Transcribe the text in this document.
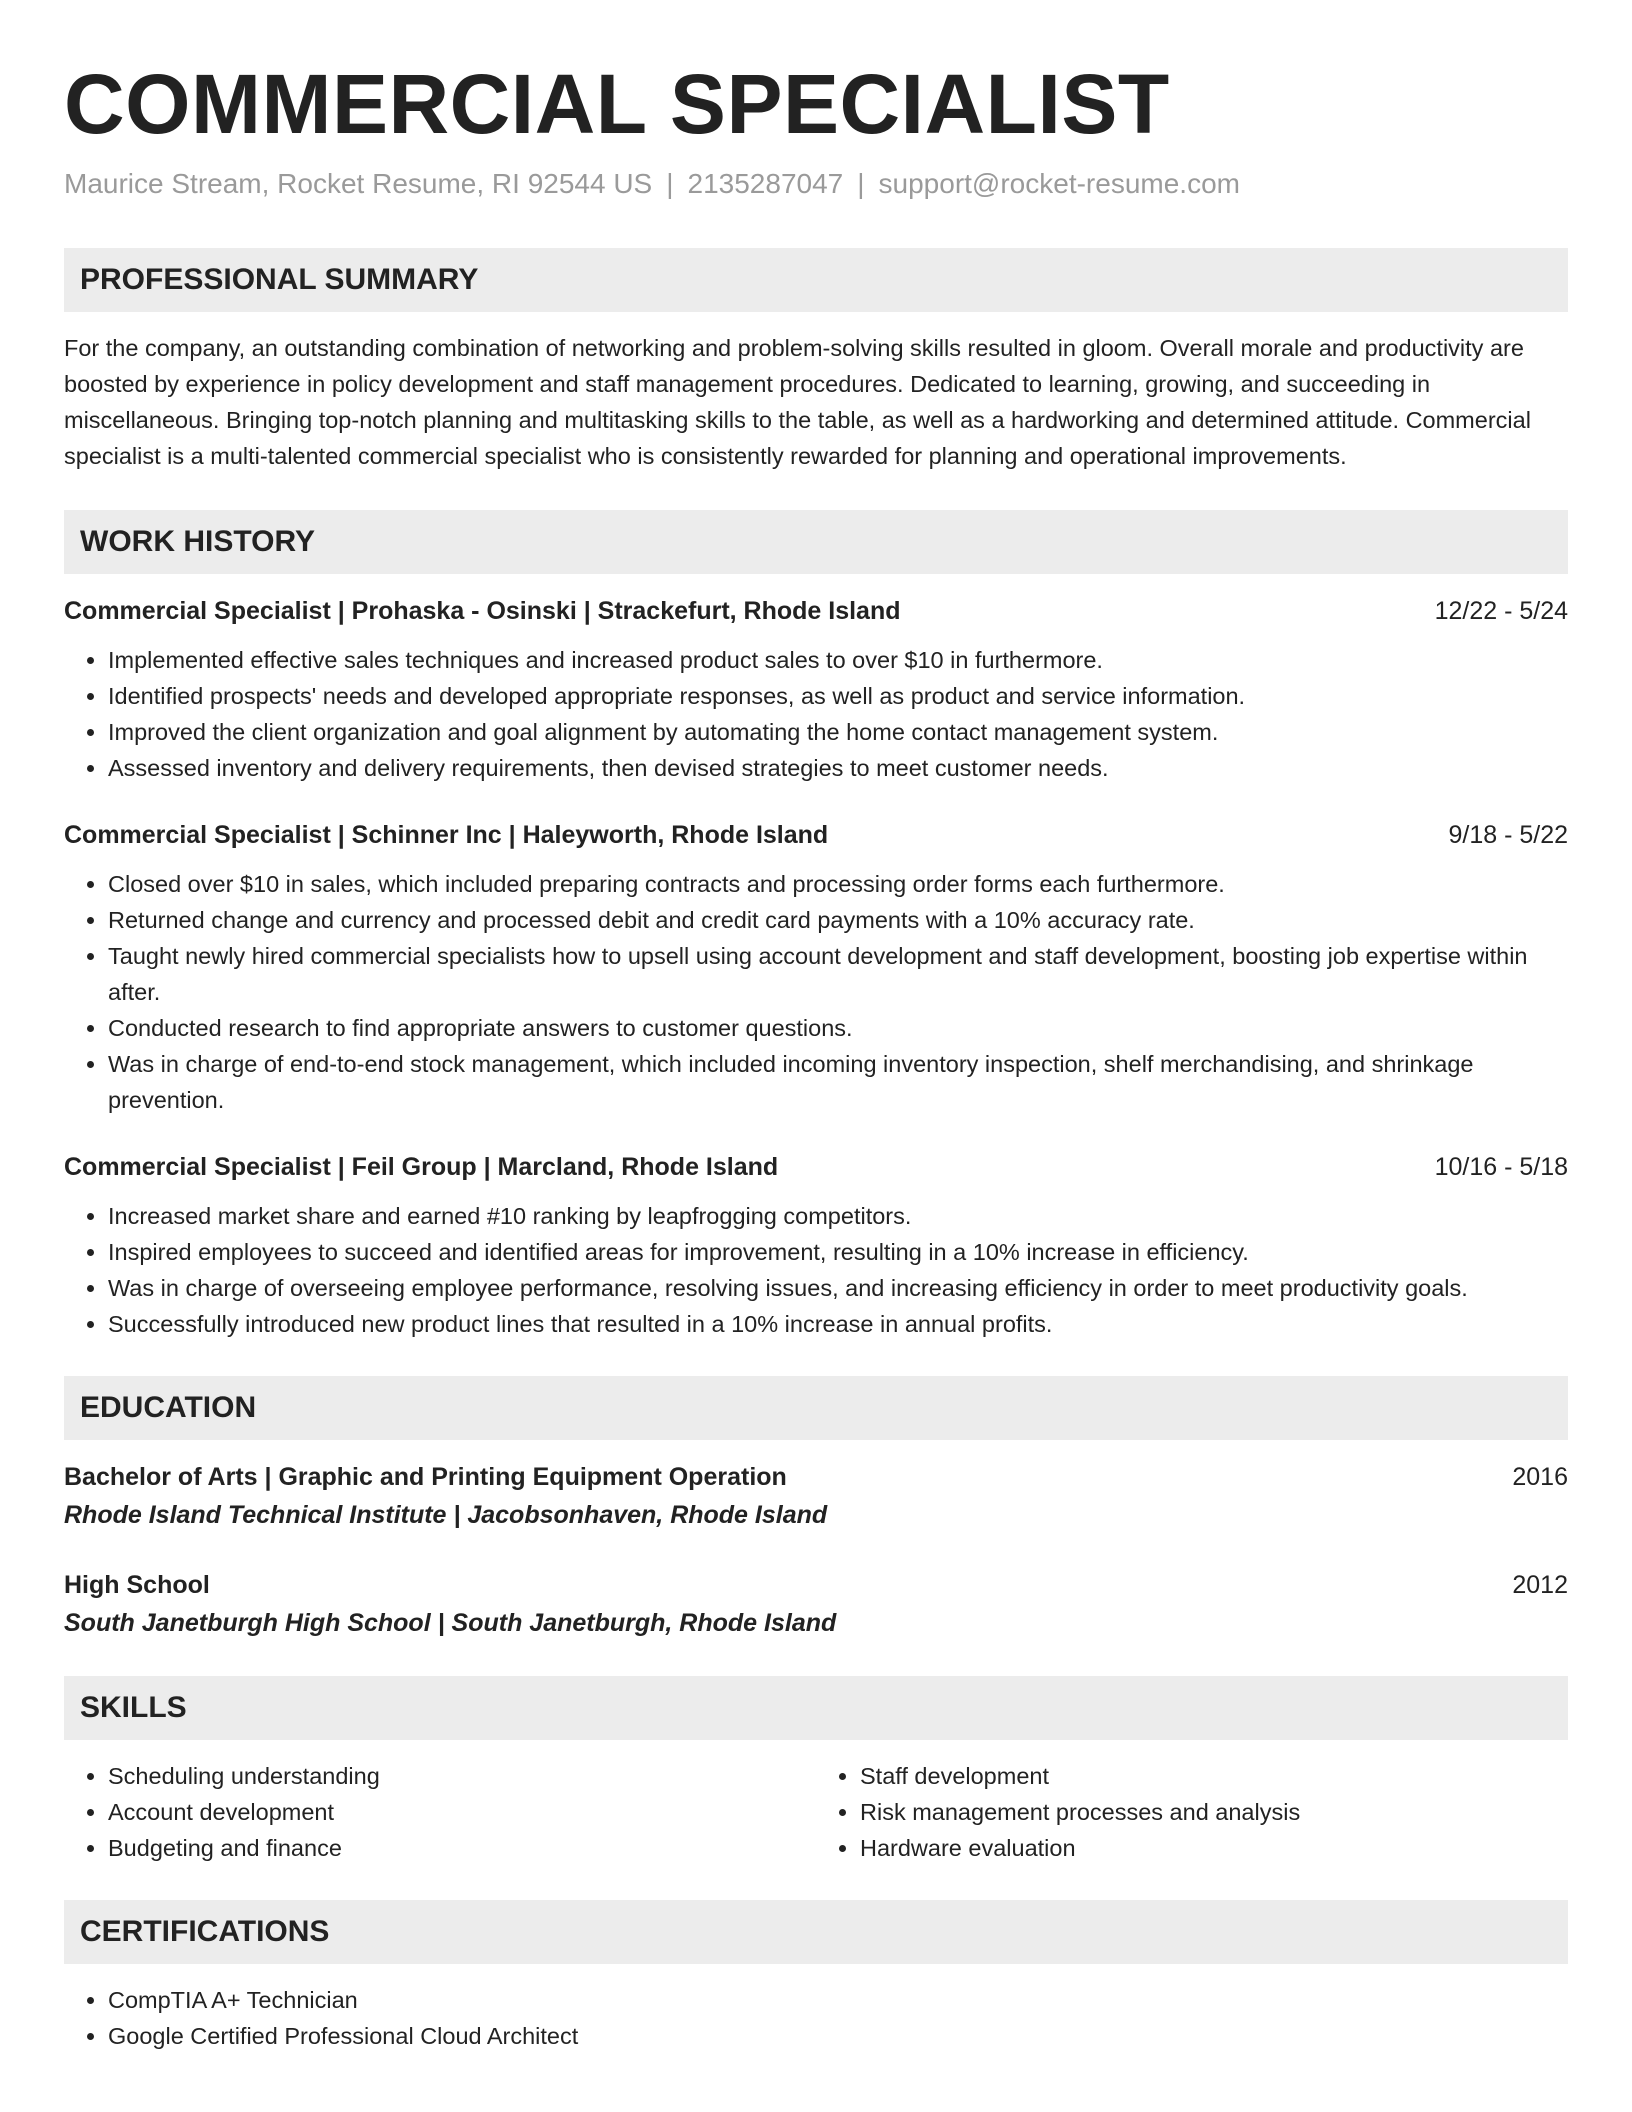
COMMERCIAL SPECIALIST
Maurice Stream, Rocket Resume, RI 92544 US | 2135287047 | support@rocket-resume.com
PROFESSIONAL SUMMARY
For the company, an outstanding combination of networking and problem-solving skills resulted in gloom. Overall morale and productivity are boosted by experience in policy development and staff management procedures. Dedicated to learning, growing, and succeeding in miscellaneous. Bringing top-notch planning and multitasking skills to the table, as well as a hardworking and determined attitude. Commercial specialist is a multi-talented commercial specialist who is consistently rewarded for planning and operational improvements.
WORK HISTORY
Commercial Specialist | Prohaska - Osinski | Strackefurt, Rhode Island	12/22 - 5/24
• Implemented effective sales techniques and increased product sales to over $10 in furthermore.
• Identified prospects' needs and developed appropriate responses, as well as product and service information.
• Improved the client organization and goal alignment by automating the home contact management system.
• Assessed inventory and delivery requirements, then devised strategies to meet customer needs.
Commercial Specialist | Schinner Inc | Haleyworth, Rhode Island	9/18 - 5/22
• Closed over $10 in sales, which included preparing contracts and processing order forms each furthermore.
• Returned change and currency and processed debit and credit card payments with a 10% accuracy rate.
• Taught newly hired commercial specialists how to upsell using account development and staff development, boosting job expertise within after.
• Conducted research to find appropriate answers to customer questions.
• Was in charge of end-to-end stock management, which included incoming inventory inspection, shelf merchandising, and shrinkage prevention.
Commercial Specialist | Feil Group | Marcland, Rhode Island	10/16 - 5/18
• Increased market share and earned #10 ranking by leapfrogging competitors.
• Inspired employees to succeed and identified areas for improvement, resulting in a 10% increase in efficiency.
• Was in charge of overseeing employee performance, resolving issues, and increasing efficiency in order to meet productivity goals.
• Successfully introduced new product lines that resulted in a 10% increase in annual profits.
EDUCATION
Bachelor of Arts | Graphic and Printing Equipment Operation	2016
Rhode Island Technical Institute | Jacobsonhaven, Rhode Island
High School	2012
South Janetburgh High School | South Janetburgh, Rhode Island
SKILLS
• Scheduling understanding
• Account development
• Budgeting and finance
• Staff development
• Risk management processes and analysis
• Hardware evaluation
CERTIFICATIONS
• CompTIA A+ Technician
• Google Certified Professional Cloud Architect
